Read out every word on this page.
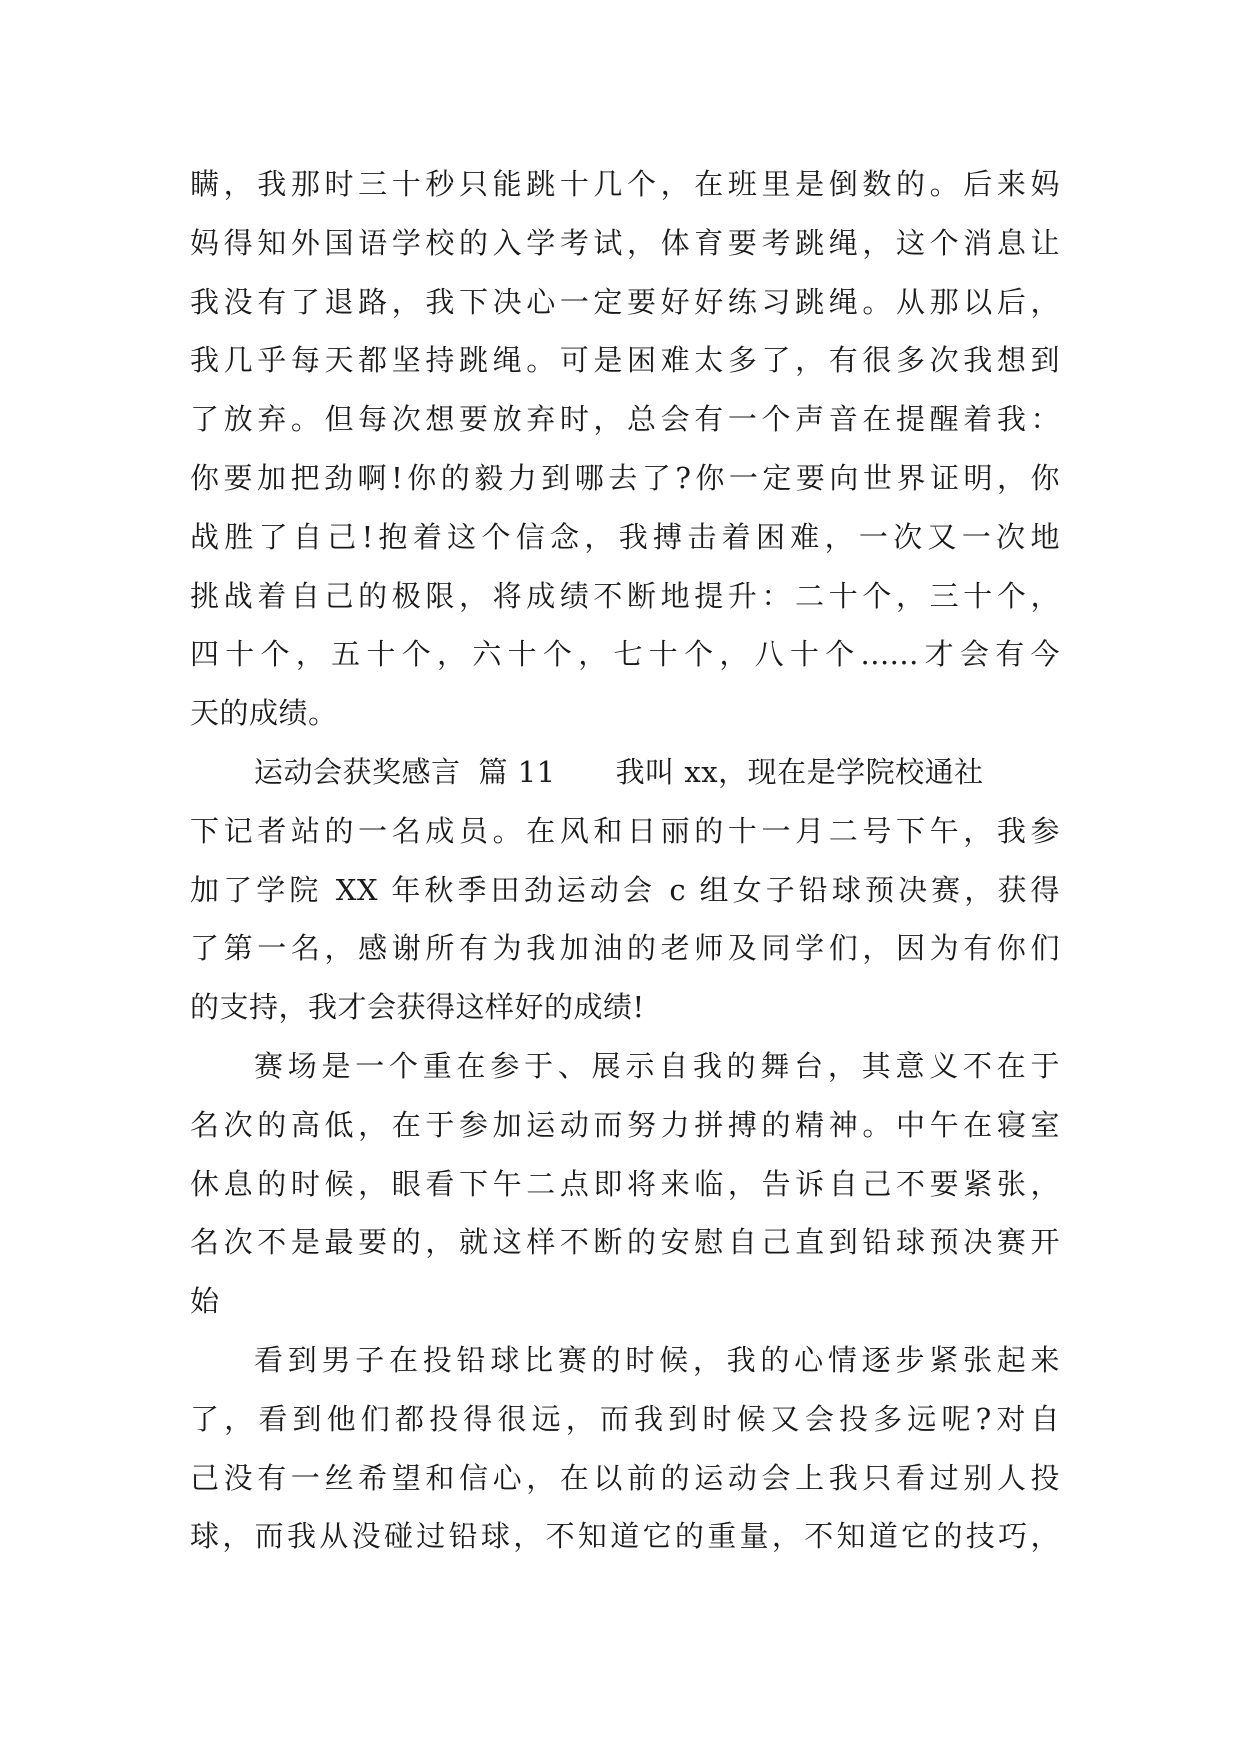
瞒，我那时三十秒只能跳十几个，在班里是倒数的。后来妈
妈得知外国语学校的入学考试，体育要考跳绳，这个消息让
我没有了退路，我下决心一定要好好练习跳绳。从那以后，
我几乎每天都坚持跳绳。可是困难太多了，有很多次我想到
了放弃。但每次想要放弃时，总会有一个声音在提醒着我：
你要加把劲啊!你的毅力到哪去了?你一定要向世界证明，你
战胜了自己!抱着这个信念，我搏击着困难，一次又一次地
挑战着自己的极限，将成绩不断地提升：二十个，三十个，
四十个，五十个，六十个，七十个，八十个......才会有今
天的成绩。
运动会获奖感言 篇 11 我叫 xx，现在是学院校通社
下记者站的一名成员。在风和日丽的十一月二号下午，我参
加了学院 XX 年秋季田劲运动会 c 组女子铅球预决赛，获得
了第一名，感谢所有为我加油的老师及同学们，因为有你们
的支持，我才会获得这样好的成绩!
赛场是一个重在参于、展示自我的舞台，其意义不在于
名次的高低，在于参加运动而努力拼搏的精神。中午在寝室
休息的时候，眼看下午二点即将来临，告诉自己不要紧张，
名次不是最要的，就这样不断的安慰自己直到铅球预决赛开
始
看到男子在投铅球比赛的时候，我的心情逐步紧张起来
了，看到他们都投得很远，而我到时候又会投多远呢?对自
己没有一丝希望和信心，在以前的运动会上我只看过别人投
球，而我从没碰过铅球，不知道它的重量，不知道它的技巧，
